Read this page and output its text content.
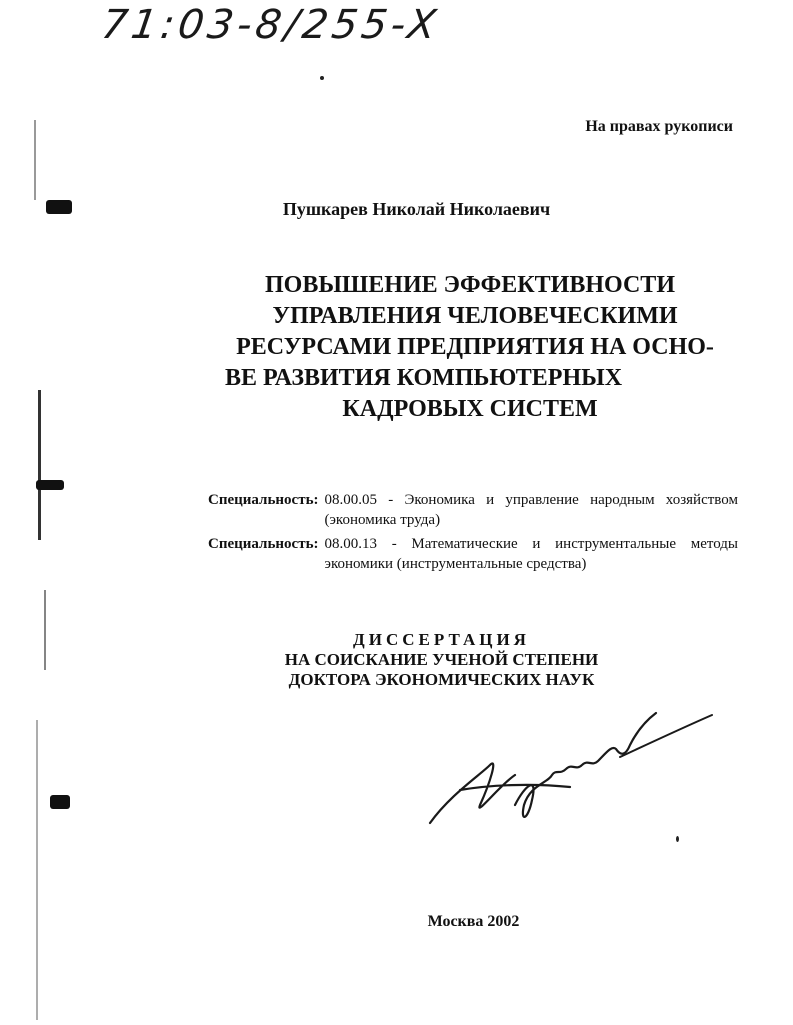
71:03-8/255-X
На правах рукописи
Пушкарев Николай Николаевич
ПОВЫШЕНИЕ ЭФФЕКТИВНОСТИ
УПРАВЛЕНИЯ ЧЕЛОВЕЧЕСКИМИ
РЕСУРСАМИ ПРЕДПРИЯТИЯ НА ОСНО-
ВЕ РАЗВИТИЯ КОМПЬЮТЕРНЫХ
КАДРОВЫХ СИСТЕМ
Специальность: 08.00.05 - Экономика и управление народным хозяйством (экономика труда)
Специальность: 08.00.13 - Математические и инструментальные методы экономики (инструментальные средства)
ДИССЕРТАЦИЯ
НА СОИСКАНИЕ УЧЕНОЙ СТЕПЕНИ
ДОКТОРА ЭКОНОМИЧЕСКИХ НАУК
Москва 2002
